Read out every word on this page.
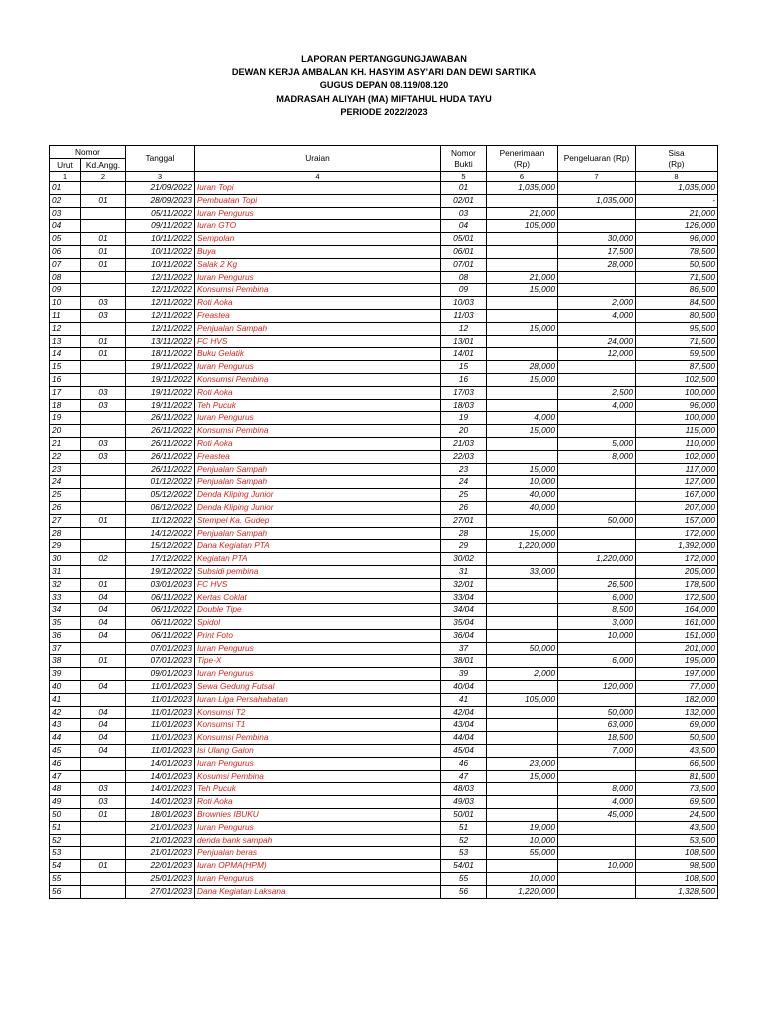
LAPORAN PERTANGGUNGJAWABAN
DEWAN KERJA AMBALAN KH. HASYIM ASY'ARI DAN DEWI SARTIKA
GUGUS DEPAN 08.119/08.120
MADRASAH ALIYAH (MA) MIFTAHUL HUDA TAYU
PERIODE 2022/2023
Nomor		Tanggal	Uraian	Nomor
Bukti	Penerimaan
(Rp)	Pengeluaran (Rp)	Sisa
(Rp)
Urut	Kd.Angg.						
1	2	3	4	5	6	7	8
01		21/09/2022	Iuran Topi	01	1,035,000		1,035,000
02	01	28/09/2023	Pembuatan Topi	02/01		1,035,000	-
03		05/11/2022	Iuran Pengurus	03	21,000		21,000
04		09/11/2022	Iuran GTO	04	105,000		126,000
05	01	10/11/2022	Sempolan	05/01		30,000	96,000
06	01	10/11/2022	Buya	06/01		17,500	78,500
07	01	10/11/2022	Salak 2 Kg	07/01		28,000	50,500
08		12/11/2022	Iuran Pengurus	08	21,000		71,500
09		12/11/2022	Konsumsi Pembina	09	15,000		86,500
10	03	12/11/2022	Roti Aoka	10/03		2,000	84,500
11	03	12/11/2022	Freastea	11/03		4,000	80,500
12		12/11/2022	Penjualan Sampah	12	15,000		95,500
13	01	13/11/2022	FC HVS	13/01		24,000	71,500
14	01	18/11/2022	Buku Gelatik	14/01		12,000	59,500
15		19/11/2022	Iuran Pengurus	15	28,000		87,500
16		19/11/2022	Konsumsi Pembina	16	15,000		102,500
17	03	19/11/2022	Roti Aoka	17/03		2,500	100,000
18	03	19/11/2022	Teh Pucuk	18/03		4,000	96,000
19		26/11/2022	Iuran Pengurus	19	4,000		100,000
20		26/11/2022	Konsumsi Pembina	20	15,000		115,000
21	03	26/11/2022	Roti Aoka	21/03		5,000	110,000
22	03	26/11/2022	Freastea	22/03		8,000	102,000
23		26/11/2022	Penjualan Sampah	23	15,000		117,000
24		01/12/2022	Penjualan Sampah	24	10,000		127,000
25		05/12/2022	Denda Kliping Junior	25	40,000		167,000
26		06/12/2022	Denda Kliping Junior	26	40,000		207,000
27	01	11/12/2022	Stempel Ka. Gudep	27/01		50,000	157,000
28		14/12/2022	Penjualan Sampah	28	15,000		172,000
29		15/12/2022	Dana Kegiatan PTA	29	1,220,000		1,392,000
30	02	17/12/2022	Kegiatan PTA	30/02		1,220,000	172,000
31		19/12/2022	Subsidi pembina	31	33,000		205,000
32	01	03/01/2023	FC HVS	32/01		26,500	178,500
33	04	06/11/2022	Kertas Coklat	33/04		6,000	172,500
34	04	06/11/2022	Double Tipe	34/04		8,500	164,000
35	04	06/11/2022	Spidol	35/04		3,000	161,000
36	04	06/11/2022	Print Foto	36/04		10,000	151,000
37		07/01/2023	Iuran Pengurus	37	50,000		201,000
38	01	07/01/2023	Tipe-X	38/01		6,000	195,000
39		09/01/2023	Iuran Pengurus	39	2,000		197,000
40	04	11/01/2023	Sewa Gedung Futsal	40/04		120,000	77,000
41		11/01/2023	Iuran Liga Persahabatan	41	105,000		182,000
42	04	11/01/2023	Konsumsi T2	42/04		50,000	132,000
43	04	11/01/2023	Konsumsi T1	43/04		63,000	69,000
44	04	11/01/2023	Konsumsi Pembina	44/04		18,500	50,500
45	04	11/01/2023	Isi Ulang Galon	45/04		7,000	43,500
46		14/01/2023	Iuran Pengurus	46	23,000		66,500
47		14/01/2023	Kosumsi Pembina	47	15,000		81,500
48	03	14/01/2023	Teh Pucuk	48/03		8,000	73,500
49	03	14/01/2023	Roti Aoka	49/03		4,000	69,500
50	01	18/01/2023	Brownies IBUKU	50/01		45,000	24,500
51		21/01/2023	Iuran Pengurus	51	19,000		43,500
52		21/01/2023	denda bank sampah	52	10,000		53,500
53		21/01/2023	Penjualan beras	53	55,000		108,500
54	01	22/01/2023	Iuran OPMA(HPM)	54/01		10,000	98,500
55		25/01/2023	Iuran Pengurus	55	10,000		108,500
56		27/01/2023	Dana Kegiatan Laksana	56	1,220,000		1,328,500
